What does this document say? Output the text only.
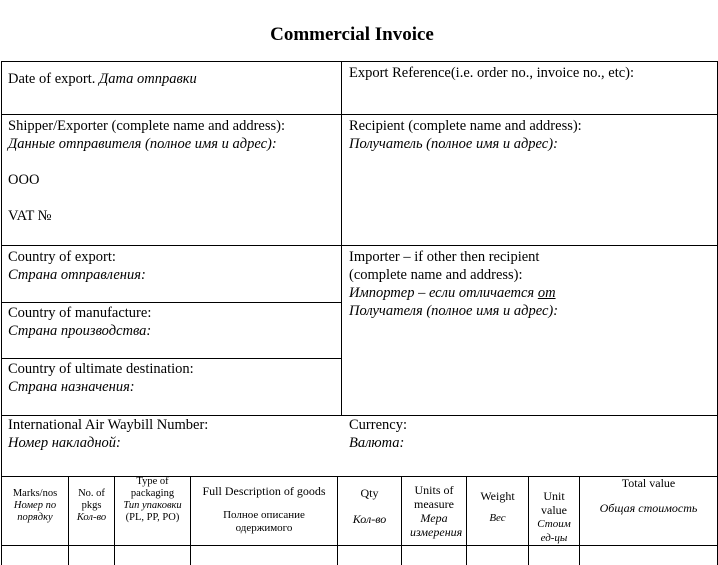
Commercial Invoice
Date of export. Дата отправки	Export Reference(i.e. order no., invoice no., etc):
Shipper/Exporter (complete name and address):
Данные отправителя (полное имя и адрес):
OOO
VAT №
Recipient (complete name and address):
Получатель (полное имя и адрес):
Country of export:
Страна отправления:
Importer – if other then recipient
(complete name and address):
Импортер – если отличается от
Получателя (полное имя и адрес):
Country of manufacture:
Страна производства:
Country of ultimate destination:
Страна назначения:
International Air Waybill Number:
Номер накладной:
Currency:
Валюта:
Marks/nos
Номер по порядку
No. of pkgs
Кол-во
Type of packaging
Тип упаковки
(PL, PP, PO)
Full Description of goods
Полное описание одержимого
Qty
Кол-во
Units of measure
Мера измерения
Weight
Вес
Unit value
Стоим ед-цы
Total value
Общая стоимость
